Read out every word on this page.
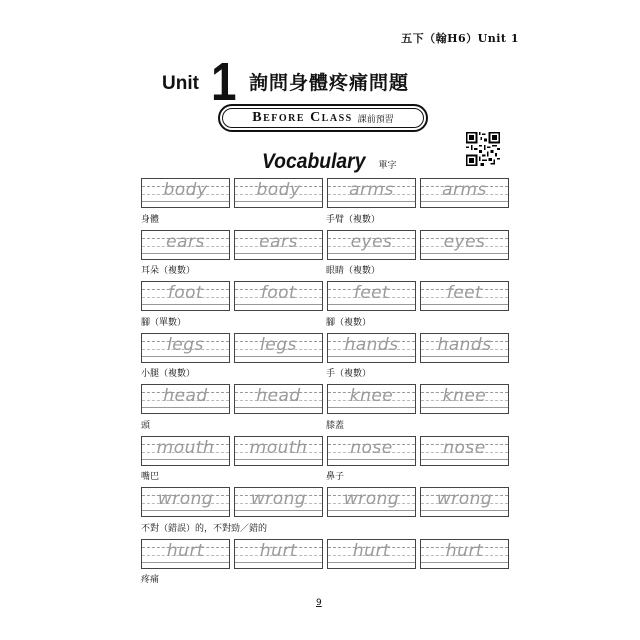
五下（翰H6）Unit 1
Unit 1 詢問身體疼痛問題
Before Class 課前預習
Vocabulary 單字
body	body	arms	arms
身體	手臂（複數）
ears	ears	eyes	eyes
耳朵（複數）	眼睛（複數）
foot	foot	feet	feet
腳（單數）	腳（複數）
legs	legs	hands	hands
小腿（複數）	手（複數）
head	head	knee	knee
頭	膝蓋
mouth	mouth	nose	nose
嘴巴	鼻子
wrong	wrong	wrong	wrong
不對（錯誤）的，不對勁／錯的
hurt	hurt	hurt	hurt
疼痛
9
